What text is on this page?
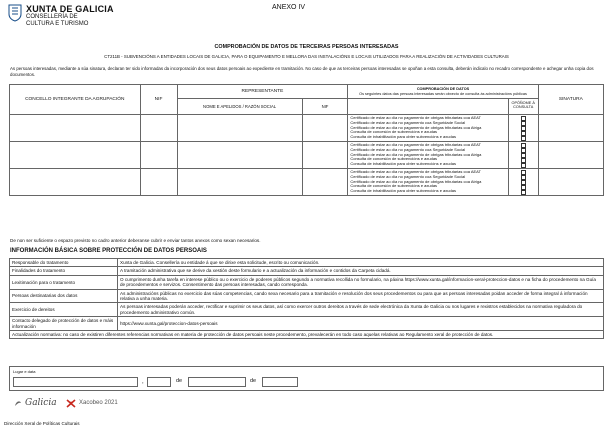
XUNTA DE GALICIA
CONSELLERÍA DE
CULTURA E TURISMO
ANEXO IV
COMPROBACIÓN DE DATOS DE TERCEIRAS PERSOAS INTERESADAS
CT211B - SUBVENCIÓNS A ENTIDADES LOCAIS DE GALICIA, PARA O EQUIPAMENTO E MELLORA DAS INSTALACIÓNS E LOCAIS UTILIZADOS PARA A REALIZACIÓN DE ACTIVIDADES CULTURAIS
As persoas interesadas, mediante a súa sinatura, declaran ter sido informadas da incorporación dos seus datos persoais ao expediente en tramitación. No caso de que as terceiras persoas interesadas se opoñan a esta consulta, deberán indicalo no recadro correspondente e achegar unha copia dos documentos.
CONCELLO INTEGRANTE DA AGRUPACIÓN	NIF	REPRESENTANTE		COMPROBACIÓN DE DATOS
Os seguintes datos das persoas interesadas serán obxecto de consulta ás administracións públicas	SINATURA
		NOME E APELIDOS / RAZÓN SOCIAL	NIF	OPÓÑOME Á CONSULTA	

				Certificado de estar ao día no pagamento de obrigas tributarias coa AEAT
Certificado de estar ao día no pagamento coa Seguridade Social
Certificado de estar ao día no pagamento de obrigas tributarias coa Atriga
Consulta de concesión de subvencións e axudas
Consulta de inhabilitación para obter subvencións e axudas	

				Certificado de estar ao día no pagamento de obrigas tributarias coa AEAT
Certificado de estar ao día no pagamento coa Seguridade Social
Certificado de estar ao día no pagamento de obrigas tributarias coa Atriga
Consulta de concesión de subvencións e axudas
Consulta de inhabilitación para obter subvencións e axudas	

				Certificado de estar ao día no pagamento de obrigas tributarias coa AEAT
Certificado de estar ao día no pagamento coa Seguridade Social
Certificado de estar ao día no pagamento de obrigas tributarias coa Atriga
Consulta de concesión de subvencións e axudas
Consulta de inhabilitación para obter subvencións e axudas	

De non ser suficiente o espazo previsto no cadro anterior deberanse cubrir e enviar tantos anexos como sexan necesarios.
INFORMACIÓN BÁSICA SOBRE PROTECCIÓN DE DATOS PERSOAIS
Responsable do tratamento	Xunta de Galicia. Consellería ou entidade á que se dirixe esta solicitude, escrito ou comunicación.
Finalidades do tratamento	A tramitación administrativa que se derive da xestión deste formulario e a actualización da información e contidos da Carpeta cidadá.
Lexitimación para o tratamento	O cumprimento dunha tarefa en interese público ou o exercicio de poderes públicos segundo a normativa recollida no formulario, na páxina https://www.xunta.gal/informacion-xeral-proteccion-datos e na ficha do procedemento na Guía de procedementos e servizos. Consentimento das persoas interesadas, cando corresponda.
Persoas destinatarias dos datos	As administracións públicas no exercicio das súas competencias, cando sexa necesario para a tramitación e resolución dos seus procedementos ou para que as persoas interesadas poidan acceder de forma integral á información relativa a unha materia.
Exercicio de dereitos	As persoas interesadas poderán acceder, rectificar e suprimir os seus datos, así como exercer outros dereitos a través de sede electrónica da Xunta de Galicia ou nos lugares e rexistros establecidos na normativa reguladora do procedemento administrativo común.
Contacto delegado de protección de datos e máis información	https://www.xunta.gal/proteccion-datos-persoais
Actualización normativa: no caso de existiren diferentes referencias normativas en materia de protección de datos persoais neste procedemento, prevalecerán en todo caso aquelas relativas ao Regulamento xeral de protección de datos.	
Lugar e data
,	de	de
Galicia	Xacobeo 2021
Dirección Xeral de Políticas Culturais
